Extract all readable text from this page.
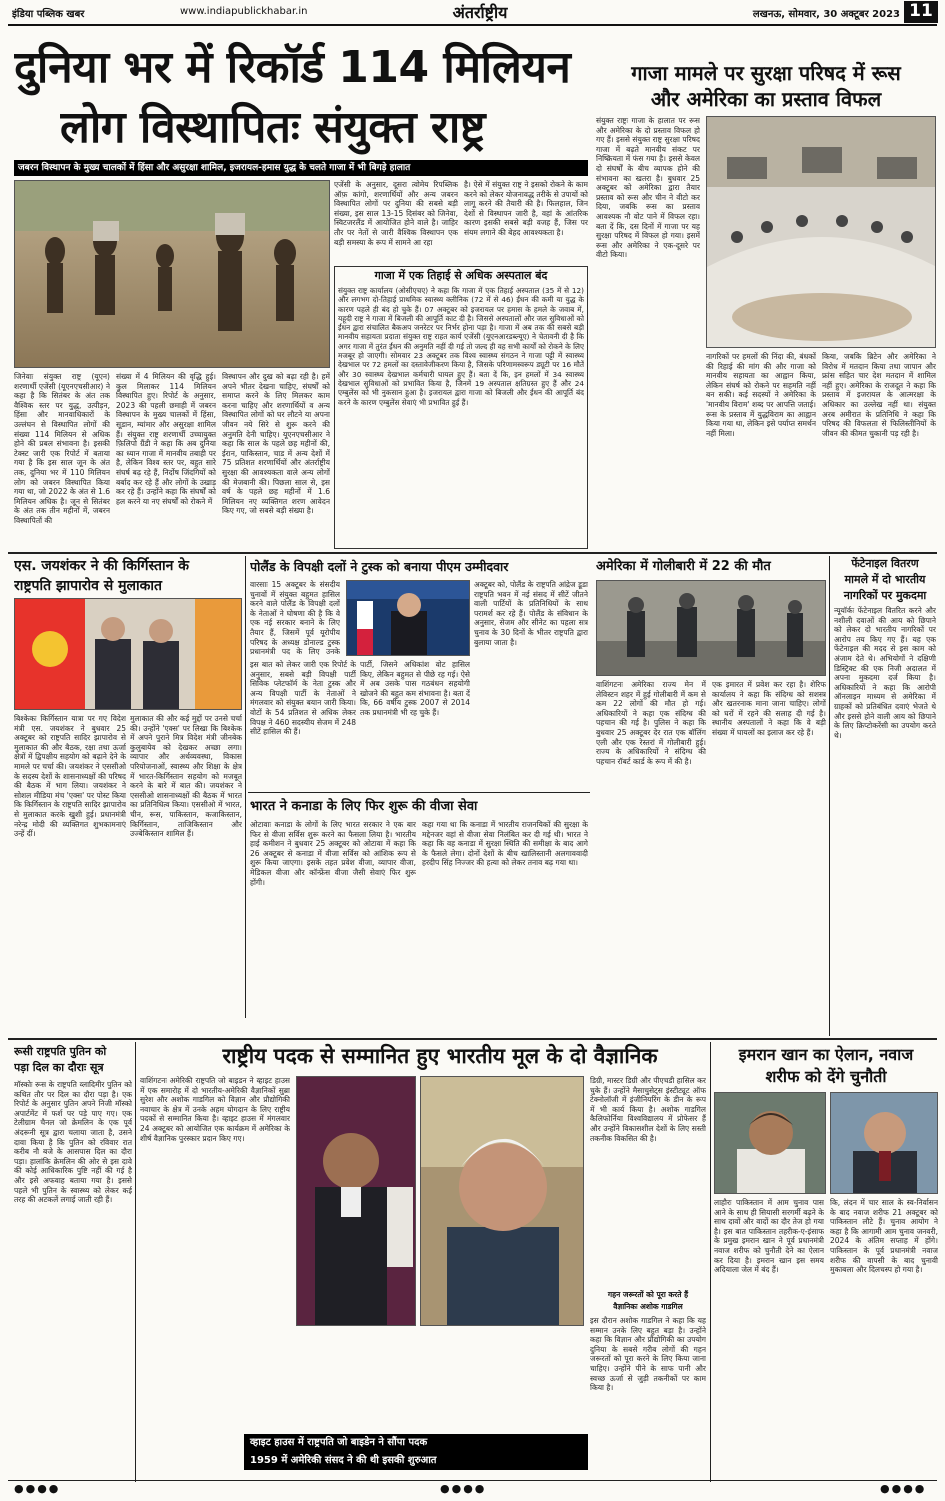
इंडिया पब्लिक खबर	www.indiapublickhabar.in	अंतर्राष्ट्रीय	लखनऊ, सोमवार, 30 अक्टूबर 2023 11
दुनिया भर में रिकॉर्ड 114 मिलियन
लोग विस्थापितः संयुक्त राष्ट्र
जबरन विस्थापन के मुख्य चालकों में हिंसा और असुरक्षा शामिल, इजरायल-हमास युद्ध के चलते गाजा में भी बिगड़े हालात
जिनेवाः संयुक्त राष्ट्र (यूएन) शरणार्थी एजेंसी (यूएनएचसीआर) ने कहा है कि सितंबर के अंत तक वैश्विक स्तर पर युद्ध, उत्पीड़न, हिंसा और मानवाधिकारों के उल्लंघन से विस्थापित लोगों की संख्या 114 मिलियन से अधिक होने की प्रबल संभावना है। इसकी टेक्स्ट जारी एक रिपोर्ट में बताया गया है कि इस साल जून के अंत तक, दुनिया भर में 110 मिलियन लोग को जबरन विस्थापित किया गया था, जो 2022 के अंत से 1.6 मिलियन अधिक है। जून से सितंबर के अंत तक तीन महीनों में, जबरन विस्थापितों की
संख्या में 4 मिलियन की वृद्धि हुई। कुल मिलाकर 114 मिलियन विस्थापित हुए। रिपोर्ट के अनुसार, 2023 की पहली छमाही में जबरन विस्थापन के मुख्य चालकों में हिंसा, सूडान, म्यांमार और असुरक्षा शामिल हैं। संयुक्त राष्ट्र शरणार्थी उच्चायुक्त फ़िलिपो ग्रैंडी ने कहा कि अब दुनिया का ध्यान गाजा में मानवीय तबाही पर है, लेकिन विश्व स्तर पर, बहुत सारे संघर्ष बढ़ रहे हैं, निर्दोष जिंदगियों को बर्बाद कर रहे हैं और लोगों के उखाड़ कर रहे हैं। उन्होंने कहा कि संघर्षों को हल करने या नए संघर्षों को रोकने में
विस्थापन और दुख को बढ़ा रही है। हमें अपने भीतर देखना चाहिए, संघर्षों को समाप्त करने के लिए मिलकर काम करना चाहिए और शरणार्थियों व अन्य विस्थापित लोगों को घर लौटने या अपना जीवन नये सिरे से शुरू करने की अनुमति देनी चाहिए। यूएनएचसीआर ने कहा कि साल के पहले छह महीनों की, ईरान, पाकिस्तान, चाड में अन्य देशों में 75 प्रतिशत शरणार्थियों और अंतर्राष्ट्रीय सुरक्षा की आवश्यकता वाले अन्य लोगों की मेजबानी की। पिछला साल से, इस वर्ष के पहले छह महीनों में 1.6 मिलियन नए व्यक्तिगत शरण आवेदन किए गए, जो सबसे बड़ी संख्या है।
एजेंसी के अनुसार, दूसरा त्वोमेय रिपब्लिक ऑफ़ कांगो, शरणार्थियों और अन्य जबरन विस्थापित लोगों पर दुनिया की सबसे बड़ी संख्या, इस साल 13-15 दिसंबर को जिनेवा, स्विटजरलैंड में आयोजित होने वाले है। जाहिर तौर पर नेतों से जारी वैश्विक विस्थापन एक बड़ी समस्या के रूप में सामने आ रहा
है। ऐसे में संयुक्त राष्ट्र ने इसको रोकने के काम करने को लेकर योजनावद्ध तरीके से उपायों को लागू करने की तैयारी की है। फिलहाल, जिन देशों से विस्थापन जारी है, वहां के आंतरिक कारण इसकी सबसे बड़ी वजह हैं, जिस पर संयम लगाने की बेहद आवश्यकता है।
गाजा में एक तिहाई से अधिक अस्पताल बंद
संयुक्त राष्ट्र कार्यालय (ओसीएचए) ने कहा कि गाजा में एक तिहाई अस्पताल (35 में से 12) और लगभग दो-तिहाई प्राथमिक स्वास्थ्य क्लीनिक (72 में से 46) ईंधन की कमी या युद्ध के कारण पहले ही बंद हो चुके हैं। 07 अक्टूबर को इजरायल पर हमास के हमले के जवाब में, यहूदी राष्ट्र ने गाजा में बिजली की आपूर्ति काट दी है। जिससे अस्पतालों और जल सुविधाओं को ईंधन द्वारा संचालित बैकअप जनरेटर पर निर्भर होना पड़ा है। गाजा में अब तक की सबसे बड़ी मानवीय सहायता प्रदाता संयुक्त राष्ट्र राहत कार्य एजेंसी (यूएनआरडब्ल्यूए) ने चेतावनी दी है कि अगर गाजा में तुरंत ईंधन की अनुमति नहीं दी गई तो जल्द ही वह सभी कार्यों को रोकने के लिए मजबूर हो जाएगी। सोमवार 23 अक्टूबर तक विश्व स्वास्थ्य संगठन ने गाजा पट्टी में स्वास्थ्य देखभाल पर 72 हमलों का दस्तावेजीकरण किया है, जिसके परिणामस्वरूप ड्यूटी पर 16 मौतें और 30 स्वास्थ्य देखभाल कर्मचारी घायल हुए हैं। बता दें कि, इन हमलों में 34 स्वास्थ्य देखभाल सुविधाओं को प्रभावित किया है, जिनमें 19 अस्पताल क्षतिग्रस्त हुए हैं और 24 एम्बुलेंस को भी नुकसान हुआ है। इजरायल द्वारा गाजा को बिजली और ईंधन की आपूर्ति बंद करने के कारण एम्बुलेंस सेवाएं भी प्रभावित हुई हैं।
गाजा मामले पर सुरक्षा परिषद में रूस
और अमेरिका का प्रस्ताव विफल
संयुक्त राष्ट्रः गाजा के हालात पर रूस और अमेरिका के दो प्रस्ताव विफल हो गए हैं। इससे संयुक्त राष्ट्र सुरक्षा परिषद गाजा में बढ़ते मानवीय संकट पर निष्क्रियता में फंस गया है। इससे केवल दो संघर्षों के बीच व्यापक होने की संभावना का खतरा है। बुधवार 25 अक्टूबर को अमेरिका द्वारा तैयार प्रस्ताव को रूस और चीन ने वीटो कर दिया, जबकि रूस का प्रस्ताव आवश्यक नौ वोट पाने में विफल रहा। बता दें कि, दस दिनों में गाजा पर यह सुरक्षा परिषद में विफल हो गया। इसमें रूस और अमेरिका ने एक-दूसरे पर वीटो किया।
नागरिकों पर हमलों की निंदा की, बंधकों की रिहाई की मांग की और गाजा को मानवीय सहायता का आह्वान किया, लेकिन संघर्ष को रोकने पर सहमति नहीं बन सकी। कई सदस्यों ने अमेरिका के 'मानवीय विराम' शब्द पर आपत्ति जताई। रूस के प्रस्ताव में युद्धविराम का आह्वान किया गया था, लेकिन इसे पर्याप्त समर्थन नहीं मिला।
किया, जबकि ब्रिटेन और अमेरिका ने विरोध में मतदान किया तथा जापान और फ्रांस सहित चार देश मतदान में शामिल नहीं हुए। अमेरिका के राजदूत ने कहा कि प्रस्ताव में इजरायल के आत्मरक्षा के अधिकार का उल्लेख नहीं था। संयुक्त अरब अमीरात के प्रतिनिधि ने कहा कि परिषद की विफलता से फिलिस्तीनियों के जीवन की कीमत चुकानी पड़ रही है।
एस. जयशंकर ने की किर्गिस्तान के
राष्ट्रपति झापारोव से मुलाकात
बिश्केकः किर्गिस्तान यात्रा पर गए विदेश मंत्री एस. जयशंकर ने बुधवार 25 अक्टूबर को राष्ट्रपति सादिर झापारोव से मुलाकात की और बैठक, रक्षा तथा ऊर्जा क्षेत्रों में द्विपक्षीय सहयोग को बढ़ाने देने के मामले पर चर्चा की। जयशंकर ने एससीओ के सदस्य देशों के शासनाध्यक्षों की परिषद की बैठक में भाग लिया। जयशंकर ने सोशल मीडिया मंच 'एक्स' पर पोस्ट किया कि किर्गिस्तान के राष्ट्रपति सादिर झापारोव से मुलाकात करके खुशी हुई। प्रधानमंत्री नरेन्द्र मोदी की व्यक्तिगत शुभकामनाएं उन्हें दीं।
मुलाकात की और कई मुद्दों पर उनसे चर्चा की। उन्होंने 'एक्स' पर लिखा कि बिश्केक में अपने पुराने मित्र विदेश मंत्री जीनबेक कुलुबायेव को देखकर अच्छा लगा। व्यापार और अर्थव्यवस्था, विकास परियोजनाओं, स्वास्थ्य और शिक्षा के क्षेत्र में भारत-किर्गिस्तान सहयोग को मजबूत करने के बारे में बात की। जयशंकर ने एससीओ शासनाध्यक्षों की बैठक में भारत का प्रतिनिधित्व किया। एससीओ में भारत, चीन, रूस, पाकिस्तान, कजाकिस्तान, किर्गिस्तान, ताजिकिस्तान और उज्बेकिस्तान शामिल हैं।
पोलैंड के विपक्षी दलों ने टुस्क को बनाया पीएम उम्मीदवार
वारसाः 15 अक्टूबर के संसदीय चुनावों में संयुक्त बहुमत हासिल करने वाले पोलैंड के विपक्षी दलों के नेताओं ने घोषणा की है कि वे एक नई सरकार बनाने के लिए तैयार हैं, जिसमें पूर्व यूरोपीय परिषद के अध्यक्ष डोनाल्ड टुस्क प्रधानमंत्री पद के लिए उनके
इस बात को लेकर जारी एक रिपोर्ट के अनुसार, सबसे बड़ी विपक्षी पार्टी सिविक प्लेटफॉर्म के नेता टुस्क और अन्य विपक्षी पार्टी के नेताओं ने मंगलवार को संयुक्त बयान जारी किया। वोटों के 54 प्रतिशत से अधिक लेकर विपक्ष ने 460 सदस्यीय सेजम में 248 सीटें हासिल की हैं।
पार्टी, जिसने अधिकांश वोट हासिल किए, लेकिन बहुमत से पीछे रह गई। ऐसे में अब उसके पास गठबंधन सहयोगी खोजने की बहुत कम संभावना है। बता दें कि, 66 वर्षीय टुस्क 2007 से 2014 तक प्रधानमंत्री भी रह चुके हैं।
अक्टूबर को, पोलैंड के राष्ट्रपति आंद्रेज डूडा राष्ट्रपति भवन में नई संसद में सीटें जीतने वाली पार्टियों के प्रतिनिधियों के साथ परामर्श कर रहे हैं। पोलैंड के संविधान के अनुसार, सेजम और सीनेट का पहला सत्र चुनाव के 30 दिनों के भीतर राष्ट्रपति द्वारा बुलाया जाता है।
अमेरिका में गोलीबारी में 22 की मौत
वाशिंगटनः अमेरिका राज्य मेन में लेविस्टन शहर में हुई गोलीबारी में कम से कम 22 लोगों की मौत हो गई। अधिकारियों ने कहा एक संदिग्ध की पहचान की गई है। पुलिस ने कहा कि बुधवार 25 अक्टूबर देर रात एक बॉलिंग एली और एक रेस्तरां में गोलीबारी हुई। राज्य के अधिकारियों ने संदिग्ध की पहचान रॉबर्ट कार्ड के रूप में की है।
एक इमारत में प्रवेश कर रहा है। शेरिफ कार्यालय ने कहा कि संदिग्ध को सशस्त्र और खतरनाक माना जाना चाहिए। लोगों को घरों में रहने की सलाह दी गई है। स्थानीय अस्पतालों ने कहा कि वे बड़ी संख्या में घायलों का इलाज कर रहे हैं।
फेंटेनाइल वितरण
मामले में दो भारतीय
नागरिकों पर मुकदमा
न्यूयॉर्कः फेंटेनाइल वितरित करने और नशीली दवाओं की आय को छिपाने को लेकर दो भारतीय नागरिकों पर आरोप तय किए गए हैं। यह एक फेंटेनाइल की मदद से इस काम को अंजाम देते थे। अभियोगों ने दक्षिणी डिस्ट्रिक्ट की एक निजी अदालत में अपना मुकदमा दर्ज किया है। अधिकारियों ने कहा कि आरोपी ऑनलाइन माध्यम से अमेरिका में ग्राहकों को प्रतिबंधित दवाएं भेजते थे और इससे होने वाली आय को छिपाने के लिए क्रिप्टोकरेंसी का उपयोग करते थे।
भारत ने कनाडा के लिए फिर शुरू की वीजा सेवा
ओटावाः कनाडा के लोगों के लिए भारत सरकार ने एक बार फिर से वीजा सर्विस शुरू करने का फैसला लिया है। भारतीय हाई कमीशन ने बुधवार 25 अक्टूबर को ओटावा में कहा कि 26 अक्टूबर से कनाडा में वीजा सर्विस को आंशिक रूप से शुरू किया जाएगा। इसके तहत प्रवेश वीजा, व्यापार वीजा, मेडिकल वीजा और कॉन्फ्रेंस वीजा जैसी सेवाएं फिर शुरू होंगी।
कहा गया था कि कनाडा में भारतीय राजनयिकों की सुरक्षा के मद्देनजर वहां से वीजा सेवा निलंबित कर दी गई थी। भारत ने कहा कि वह कनाडा में सुरक्षा स्थिति की समीक्षा के बाद आगे के फैसले लेगा। दोनों देशों के बीच खालिस्तानी अलगाववादी हरदीप सिंह निज्जर की हत्या को लेकर तनाव बढ़ गया था।
रूसी राष्ट्रपति पुतिन को
पड़ा दिल का दौराः सूत्र
मॉस्कोः रूस के राष्ट्रपति व्लादिमीर पुतिन को कथित तौर पर दिल का दौरा पड़ा है। एक रिपोर्ट के अनुसार पुतिन अपने निजी मॉस्को अपार्टमेंट में फर्श पर पड़े पाए गए। एक टेलीग्राम चैनल जो क्रेमलिन के एक पूर्व अंदरूनी सूत्र द्वारा चलाया जाता है, उसने दावा किया है कि पुतिन को रविवार रात करीब नौ बजे के आसपास दिल का दौरा पड़ा। हालांकि क्रेमलिन की ओर से इस दावे की कोई आधिकारिक पुष्टि नहीं की गई है और इसे अफवाह बताया गया है। इससे पहले भी पुतिन के स्वास्थ्य को लेकर कई तरह की अटकलें लगाई जाती रही हैं।
राष्ट्रीय पदक से सम्मानित हुए भारतीय मूल के दो वैज्ञानिक
व्हाइट हाउस में राष्ट्रपति जो बाइडेन ने सौंपा पदक
1959 में अमेरिकी संसद ने की थी इसकी शुरुआत
वाशिंगटनः अमेरिकी राष्ट्रपति जो बाइडन ने व्हाइट हाउस में एक समारोह में दो भारतीय-अमेरिकी वैज्ञानिकों सुब्रा सुरेश और अशोक गाडगिल को विज्ञान और प्रौद्योगिकी नवाचार के क्षेत्र में उनके अहम योगदान के लिए राष्ट्रीय पदकों से सम्मानित किया है। व्हाइट हाउस में मंगलवार 24 अक्टूबर को आयोजित एक कार्यक्रम में अमेरिका के शीर्ष वैज्ञानिक पुरस्कार प्रदान किए गए।
डिग्री, मास्टर डिग्री और पीएचडी हासिल कर चुके हैं। उन्होंने मैसाचुसेट्स इंस्टीट्यूट ऑफ टेक्नोलॉजी में इंजीनियरिंग के डीन के रूप में भी कार्य किया है। अशोक गाडगिल कैलिफोर्निया विश्वविद्यालय में प्रोफेसर हैं और उन्होंने विकासशील देशों के लिए सस्ती तकनीक विकसित की है।
गहन जरूरतों को पूरा करते हैं
वैज्ञानिकः अशोक गाडगिल
इस दौरान अशोक गाडगिल ने कहा कि यह सम्मान उनके लिए बहुत बड़ा है। उन्होंने कहा कि विज्ञान और प्रौद्योगिकी का उपयोग दुनिया के सबसे गरीब लोगों की गहन जरूरतों को पूरा करने के लिए किया जाना चाहिए। उन्होंने पीने के साफ पानी और स्वच्छ ऊर्जा से जुड़ी तकनीकों पर काम किया है।
इमरान खान का ऐलान, नवाज
शरीफ को देंगे चुनौती
लाहौरः पाकिस्तान में आम चुनाव पास आने के साथ ही सियासी सरगर्मी बढ़ने के साथ दावों और वादों का दौर तेज हो गया है। इस बात पाकिस्तान तहरीक-ए-इंसाफ के प्रमुख इमरान खान ने पूर्व प्रधानमंत्री नवाज शरीफ को चुनौती देने का ऐलान कर दिया है। इमरान खान इस समय अदियाला जेल में बंद हैं।
कि, लंदन में चार साल के स्व-निर्वासन के बाद नवाज शरीफ 21 अक्टूबर को पाकिस्तान लौटे हैं। चुनाव आयोग ने कहा है कि आगामी आम चुनाव जनवरी, 2024 के अंतिम सप्ताह में होंगे। पाकिस्तान के पूर्व प्रधानमंत्री नवाज शरीफ की वापसी के बाद चुनावी मुकाबला और दिलचस्प हो गया है।
●●●●	●●●●	●●●●
